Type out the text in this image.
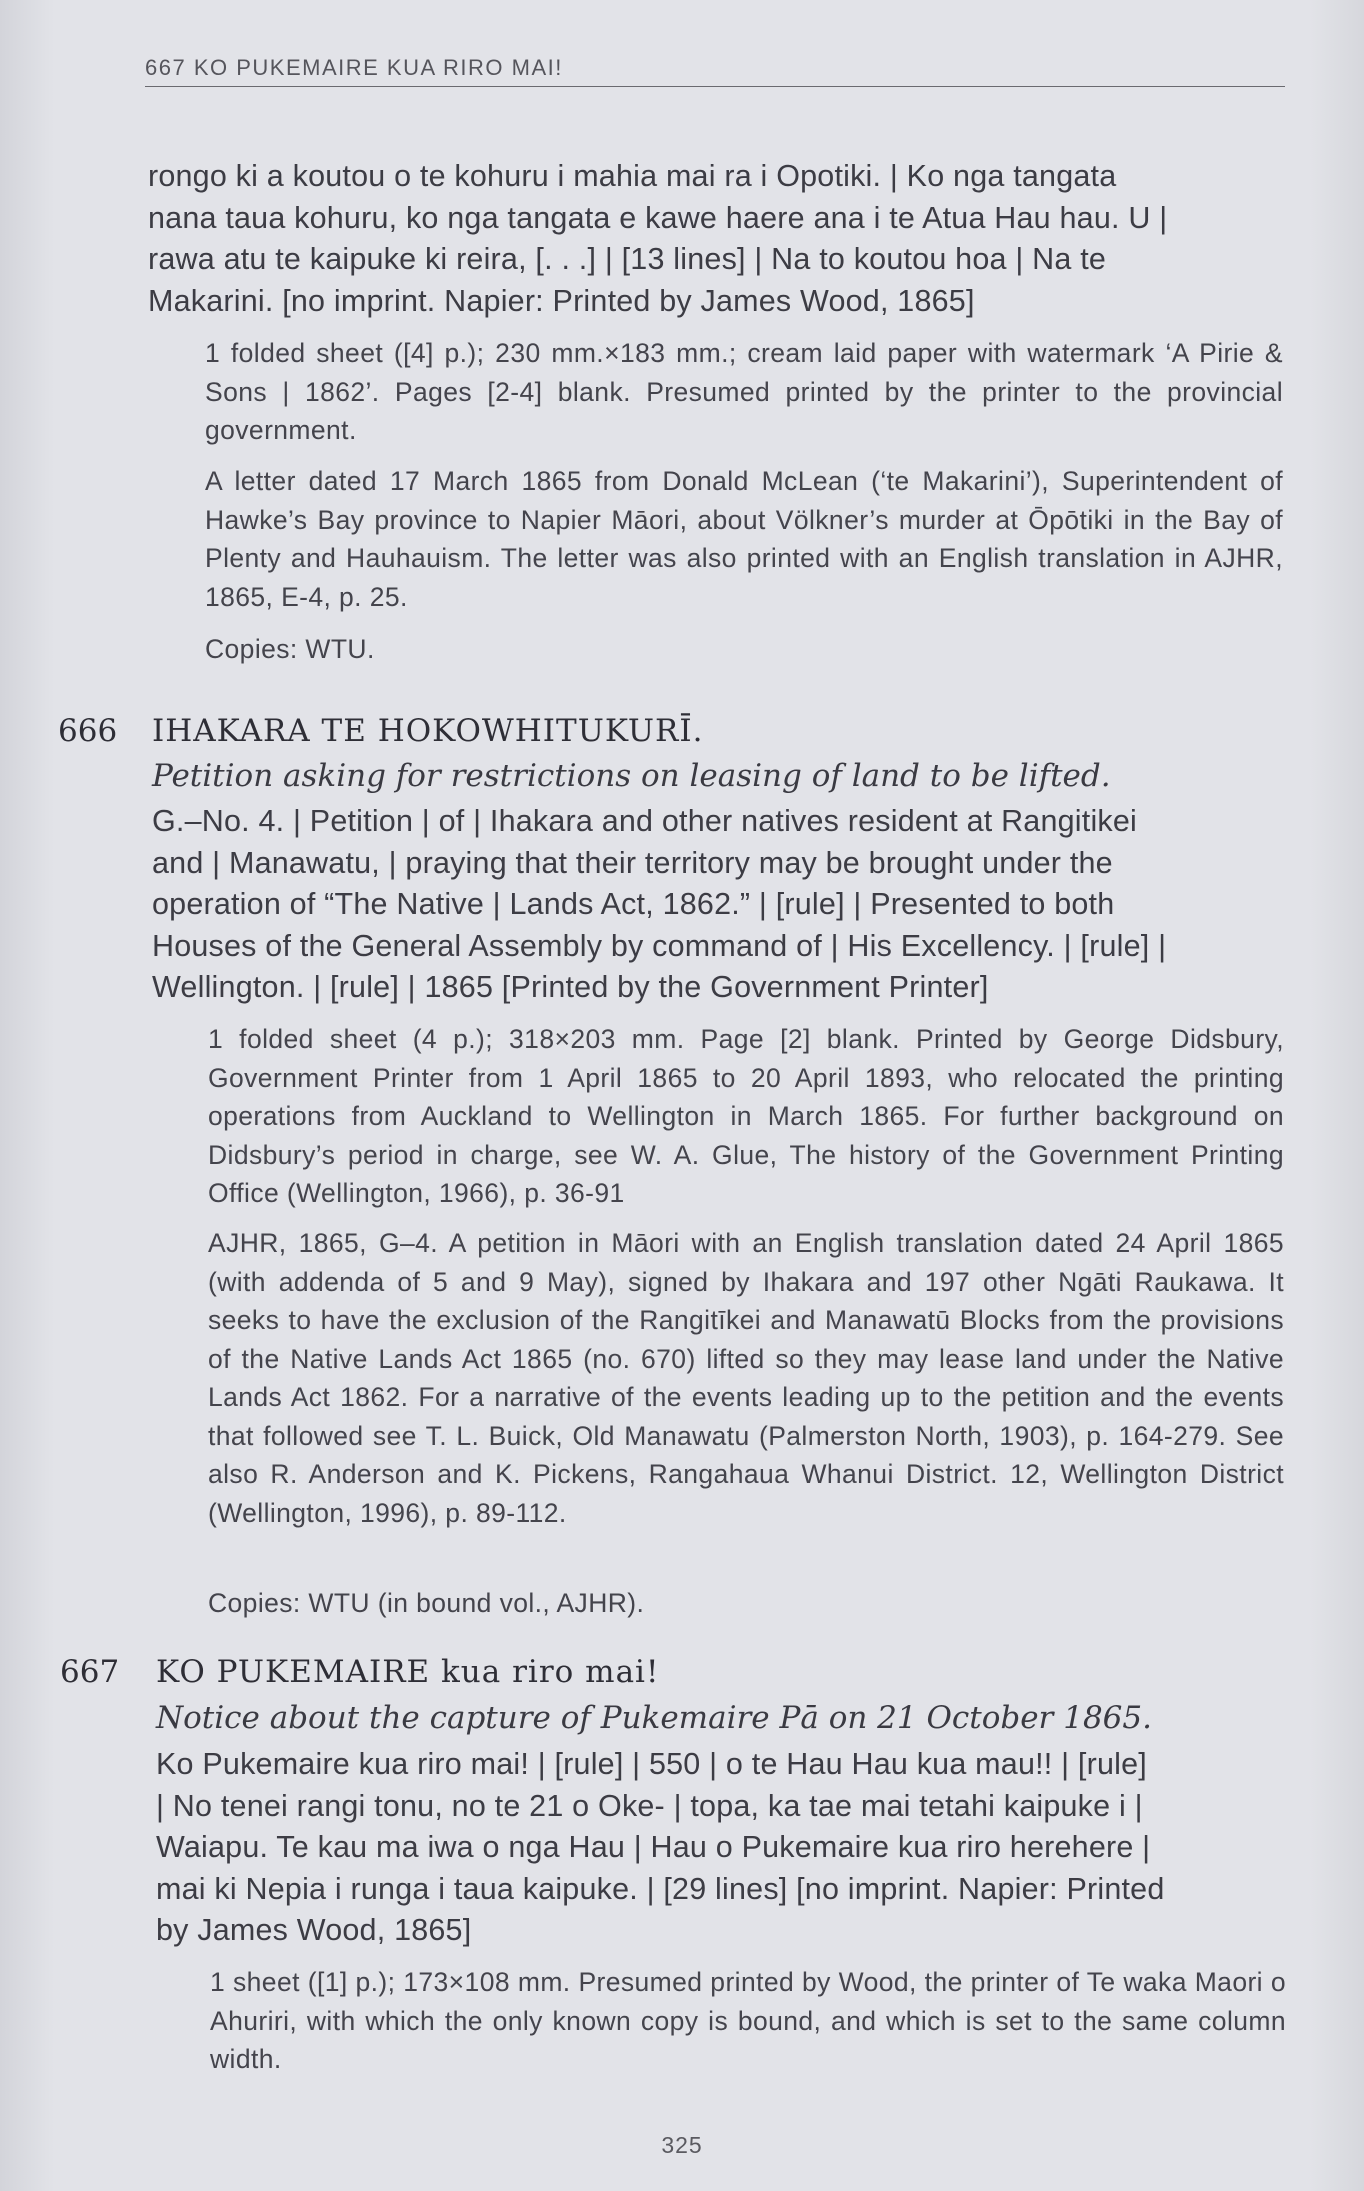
667 KO PUKEMAIRE KUA RIRO MAI!
rongo ki a koutou o te kohuru i mahia mai ra i Opotiki. | Ko nga tangata
nana taua kohuru, ko nga tangata e kawe haere ana i te Atua Hau hau. U |
rawa atu te kaipuke ki reira, [. . .] | [13 lines] | Na to koutou hoa | Na te
Makarini. [no imprint. Napier: Printed by James Wood, 1865]

1 folded sheet ([4] p.); 230 mm.×183 mm.; cream laid paper with watermark ‘A Pirie & Sons | 1862’. Pages [2-4] blank. Presumed printed by the printer to the provincial government.

A letter dated 17 March 1865 from Donald McLean (‘te Makarini’), Superintendent of Hawke’s Bay province to Napier Māori, about Völkner’s murder at Ōpōtiki in the Bay of Plenty and Hauhauism. The letter was also printed with an English translation in AJHR, 1865, E-4, p. 25.

Copies: WTU.

666 IHAKARA TE HOKOWHITUKURĪ.
Petition asking for restrictions on leasing of land to be lifted.
G.–No. 4. | Petition | of | Ihakara and other natives resident at Rangitikei
and | Manawatu, | praying that their territory may be brought under the
operation of “The Native | Lands Act, 1862.” | [rule] | Presented to both
Houses of the General Assembly by command of | His Excellency. | [rule] |
Wellington. | [rule] | 1865 [Printed by the Government Printer]

1 folded sheet (4 p.); 318×203 mm. Page [2] blank. Printed by George Didsbury, Government Printer from 1 April 1865 to 20 April 1893, who relocated the printing operations from Auckland to Wellington in March 1865. For further background on Didsbury’s period in charge, see W. A. Glue, The history of the Government Printing Office (Wellington, 1966), p. 36-91

AJHR, 1865, G–4. A petition in Māori with an English translation dated 24 April 1865 (with addenda of 5 and 9 May), signed by Ihakara and 197 other Ngāti Raukawa. It seeks to have the exclusion of the Rangitīkei and Manawatū Blocks from the provisions of the Native Lands Act 1865 (no. 670) lifted so they may lease land under the Native Lands Act 1862. For a narrative of the events leading up to the petition and the events that followed see T. L. Buick, Old Manawatu (Palmerston North, 1903), p. 164-279. See also R. Anderson and K. Pickens, Rangahaua Whanui District. 12, Wellington District (Wellington, 1996), p. 89-112.

Copies: WTU (in bound vol., AJHR).

667 KO PUKEMAIRE kua riro mai!
Notice about the capture of Pukemaire Pā on 21 October 1865.
Ko Pukemaire kua riro mai! | [rule] | 550 | o te Hau Hau kua mau!! | [rule]
| No tenei rangi tonu, no te 21 o Oke- | topa, ka tae mai tetahi kaipuke i |
Waiapu. Te kau ma iwa o nga Hau | Hau o Pukemaire kua riro herehere |
mai ki Nepia i runga i taua kaipuke. | [29 lines] [no imprint. Napier: Printed
by James Wood, 1865]

1 sheet ([1] p.); 173×108 mm. Presumed printed by Wood, the printer of Te waka Maori o Ahuriri, with which the only known copy is bound, and which is set to the same column width.

325
